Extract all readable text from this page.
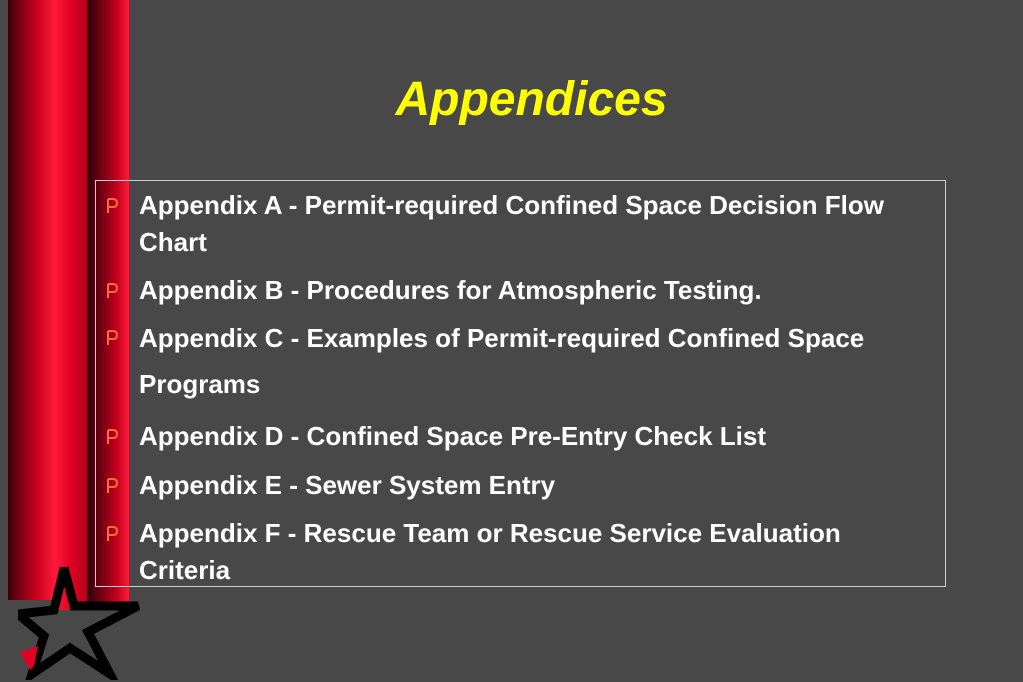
Appendices
Appendix A - Permit-required Confined Space Decision Flow Chart
Appendix B - Procedures for Atmospheric Testing.
Appendix C - Examples of Permit-required Confined Space Programs
Appendix D - Confined Space Pre-Entry Check List
Appendix E - Sewer System Entry
Appendix F - Rescue Team or Rescue Service Evaluation Criteria
